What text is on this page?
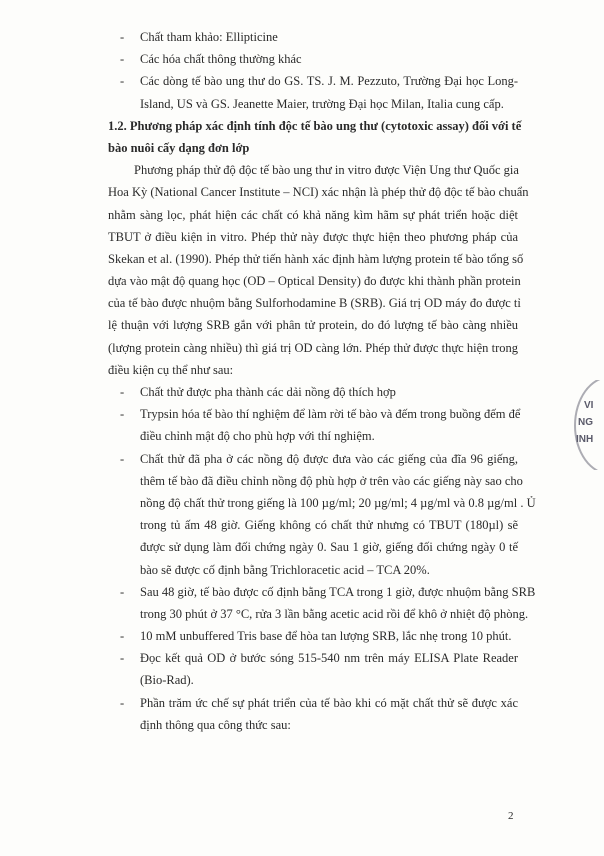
- Chất tham khảo: Ellipticine
- Các hóa chất thông thường khác
- Các dòng tế bào ung thư do GS. TS. J. M. Pezzuto, Trường Đại học Long-
Island, US và GS. Jeanette Maier, trường Đại học Milan, Italia cung cấp.
1.2. Phương pháp xác định tính độc tế bào ung thư (cytotoxic assay) đối với tế
bào nuôi cấy dạng đơn lớp
Phương pháp thử độ độc tế bào ung thư in vitro được Viện Ung thư Quốc gia
Hoa Kỳ (National Cancer Institute – NCI) xác nhận là phép thử độ độc tế bào chuẩn
nhằm sàng lọc, phát hiện các chất có khả năng kìm hãm sự phát triển hoặc diệt
TBUT ở điều kiện in vitro. Phép thử này được thực hiện theo phương pháp của
Skekan et al. (1990). Phép thử tiến hành xác định hàm lượng protein tế bào tổng số
dựa vào mật độ quang học (OD – Optical Density) đo được khi thành phần protein
của tế bào được nhuộm bằng Sulforhodamine B (SRB). Giá trị OD máy đo được tỉ
lệ thuận với lượng SRB gắn với phân tử protein, do đó lượng tế bào càng nhiều
(lượng protein càng nhiều) thì giá trị OD càng lớn. Phép thử được thực hiện trong
điều kiện cụ thể như sau:
- Chất thử được pha thành các dải nồng độ thích hợp
- Trypsin hóa tế bào thí nghiệm để làm rời tế bào và đếm trong buồng đếm để
điều chỉnh mật độ cho phù hợp với thí nghiệm.
- Chất thử đã pha ở các nồng độ được đưa vào các giếng của đĩa 96 giếng,
thêm tế bào đã điều chỉnh nồng độ phù hợp ở trên vào các giếng này sao cho
nồng độ chất thử trong giếng là 100 µg/ml; 20 µg/ml; 4 µg/ml và 0.8 µg/ml . Ủ
trong tủ ấm 48 giờ. Giếng không có chất thử nhưng có TBUT (180µl) sẽ
được sử dụng làm đối chứng ngày 0. Sau 1 giờ, giếng đối chứng ngày 0 tế
bào sẽ được cố định bằng Trichloracetic acid – TCA 20%.
- Sau 48 giờ, tế bào được cố định bằng TCA trong 1 giờ, được nhuộm bằng SRB
trong 30 phút ở 37 °C, rửa 3 lần bằng acetic acid rồi để khô ở nhiệt độ phòng.
- 10 mM unbuffered Tris base để hòa tan lượng SRB, lắc nhẹ trong 10 phút.
- Đọc kết quả OD ở bước sóng 515-540 nm trên máy ELISA Plate Reader
(Bio-Rad).
- Phần trăm ức chế sự phát triển của tế bào khi có mặt chất thử sẽ được xác
định thông qua công thức sau:
2
VI
NG
INH
